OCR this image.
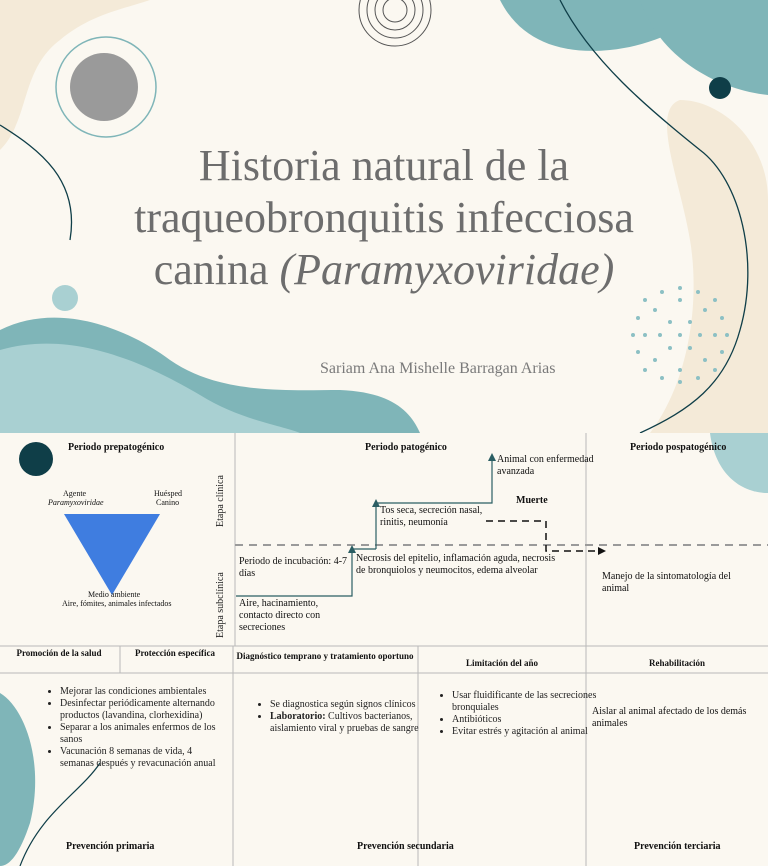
Historia natural de la
traqueobronquitis infecciosa
canina (Paramyxoviridae)
Sariam Ana Mishelle Barragan Arias
Periodo prepatogénico	Periodo patogénico	Periodo pospatogénico
Agente
Paramyxoviridae
Huésped
Canino
Medio ambiente
Aire, fómites, animales infectados
Etapa clínica
Etapa subclínica Aire, hacinamiento, contacto directo con secreciones
Periodo de incubación: 4-7 días
Necrosis del epitelio, inflamación aguda, necrosis de bronquiolos y neumocitos, edema alveolar
Tos seca, secreción nasal, rinitis, neumonía
Animal con enfermedad avanzada
Muerte
Manejo de la sintomatología del animal
Promoción de la salud	Protección específica	Diagnóstico temprano y tratamiento oportuno
Limitación del año	Rehabilitación
• Mejorar las condiciones ambientales
• Desinfectar periódicamente alternando productos (lavandina, clorhexidina)
• Separar a los animales enfermos de los sanos
• Vacunación 8 semanas de vida, 4 semanas después y revacunación anual
• Se diagnostica según signos clínicos
• Laboratorio: Cultivos bacterianos, aislamiento viral y pruebas de sangre
• Usar fluidificante de las secreciones bronquiales
• Antibióticos
• Evitar estrés y agitación al animal
Aislar al animal afectado de los demás animales
Prevención primaria	Prevención secundaria	Prevención terciaria
